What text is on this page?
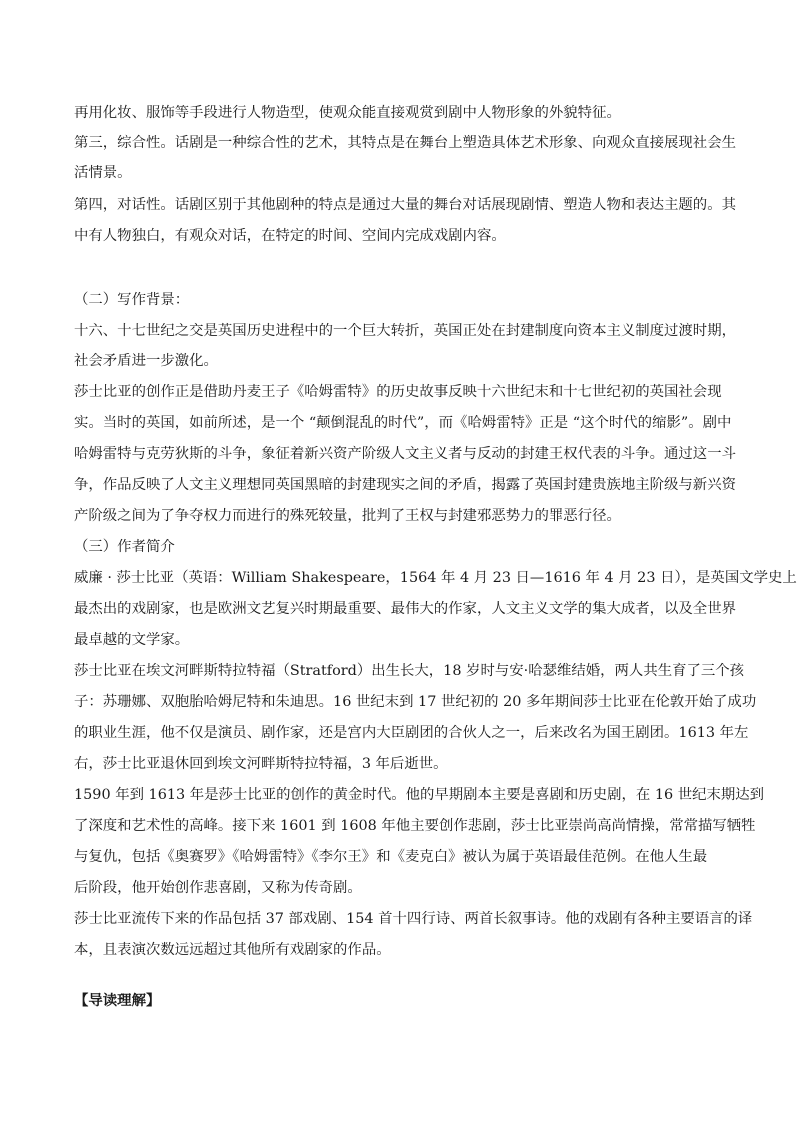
再用化妆、服饰等手段进行人物造型，使观众能直接观赏到剧中人物形象的外貌特征。
第三，综合性。话剧是一种综合性的艺术，其特点是在舞台上塑造具体艺术形象、向观众直接展现社会生
活情景。
第四，对话性。话剧区别于其他剧种的特点是通过大量的舞台对话展现剧情、塑造人物和表达主题的。其
中有人物独白，有观众对话，在特定的时间、空间内完成戏剧内容。
（二）写作背景：
十六、十七世纪之交是英国历史进程中的一个巨大转折，英国正处在封建制度向资本主义制度过渡时期，
社会矛盾进一步激化。
莎士比亚的创作正是借助丹麦王子《哈姆雷特》的历史故事反映十六世纪末和十七世纪初的英国社会现
实。当时的英国，如前所述，是一个 “颠倒混乱的时代”，而《哈姆雷特》正是 “这个时代的缩影”。剧中
哈姆雷特与克劳狄斯的斗争，象征着新兴资产阶级人文主义者与反动的封建王权代表的斗争。通过这一斗
争，作品反映了人文主义理想同英国黑暗的封建现实之间的矛盾，揭露了英国封建贵族地主阶级与新兴资
产阶级之间为了争夺权力而进行的殊死较量，批判了王权与封建邪恶势力的罪恶行径。
（三）作者简介
威廉 · 莎士比亚（英语：William Shakespeare，1564 年 4 月 23 日—1616 年 4 月 23 日），是英国文学史上
最杰出的戏剧家，也是欧洲文艺复兴时期最重要、最伟大的作家，人文主义文学的集大成者，以及全世界
最卓越的文学家。
莎士比亚在埃文河畔斯特拉特福（Stratford）出生长大，18 岁时与安·哈瑟维结婚，两人共生育了三个孩
子：苏珊娜、双胞胎哈姆尼特和朱迪思。16 世纪末到 17 世纪初的 20 多年期间莎士比亚在伦敦开始了成功
的职业生涯，他不仅是演员、剧作家，还是宫内大臣剧团的合伙人之一，后来改名为国王剧团。1613 年左
右，莎士比亚退休回到埃文河畔斯特拉特福，3 年后逝世。
1590 年到 1613 年是莎士比亚的创作的黄金时代。他的早期剧本主要是喜剧和历史剧，在 16 世纪末期达到
了深度和艺术性的高峰。接下来 1601 到 1608 年他主要创作悲剧，莎士比亚崇尚高尚情操，常常描写牺牲
与复仇，包括《奥赛罗》《哈姆雷特》《李尔王》和《麦克白》被认为属于英语最佳范例。在他人生最
后阶段，他开始创作悲喜剧，又称为传奇剧。
莎士比亚流传下来的作品包括 37 部戏剧、154 首十四行诗、两首长叙事诗。他的戏剧有各种主要语言的译
本，且表演次数远远超过其他所有戏剧家的作品。
【导读理解】
